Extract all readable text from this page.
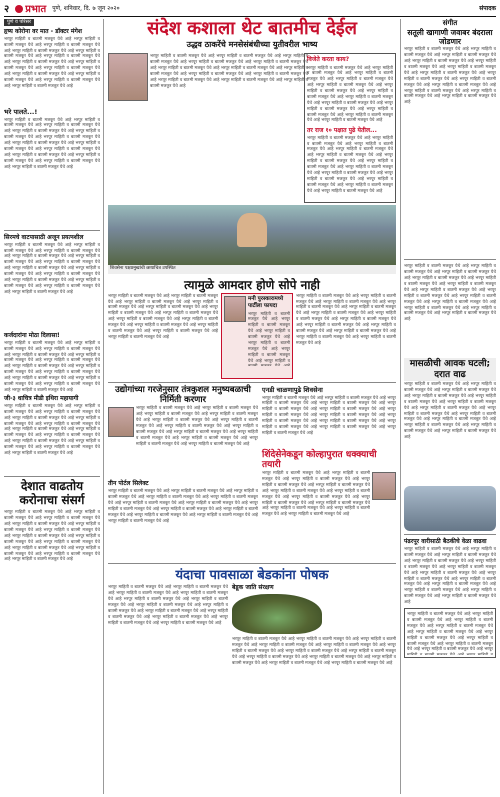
२	प्रभात पुणे, शनिवार, दि. ७ जून २०२०	संपादक
पुणे व परिसर
हृष्य कोरोना वर मात - डॉक्टर मंगेश
भरपूर माहिती व बातमी मजकूर येथे आहे भरपूर माहिती व बातमी मजकूर येथे आहे भरपूर माहिती व बातमी मजकूर येथे आहे भरपूर माहिती व बातमी मजकूर येथे आहे भरपूर माहिती व बातमी मजकूर येथे आहे भरपूर माहिती व बातमी मजकूर येथे आहे भरपूर माहिती व बातमी मजकूर येथे आहे भरपूर माहिती व बातमी मजकूर येथे आहे भरपूर माहिती व बातमी मजकूर येथे आहे भरपूर माहिती व बातमी मजकूर येथे आहे भरपूर माहिती व बातमी मजकूर येथे आहे भरपूर माहिती व बातमी मजकूर येथे आहे भरपूर माहिती व बातमी मजकूर येथे आहे
भरे पालते...!
भरपूर माहिती व बातमी मजकूर येथे आहे भरपूर माहिती व बातमी मजकूर येथे आहे भरपूर माहिती व बातमी मजकूर येथे आहे भरपूर माहिती व बातमी मजकूर येथे आहे भरपूर माहिती व बातमी मजकूर येथे आहे भरपूर माहिती व बातमी मजकूर येथे आहे भरपूर माहिती व बातमी मजकूर येथे आहे भरपूर माहिती व बातमी मजकूर येथे आहे भरपूर माहिती व बातमी मजकूर येथे आहे भरपूर माहिती व बातमी मजकूर येथे आहे भरपूर माहिती व बातमी मजकूर येथे आहे भरपूर माहिती व बातमी मजकूर येथे आहे भरपूर माहिती व बातमी मजकूर येथे आहे
सिरमचे वाटपासाठी अजून प्रयत्नशील
भरपूर माहिती व बातमी मजकूर येथे आहे भरपूर माहिती व बातमी मजकूर येथे आहे भरपूर माहिती व बातमी मजकूर येथे आहे भरपूर माहिती व बातमी मजकूर येथे आहे भरपूर माहिती व बातमी मजकूर येथे आहे भरपूर माहिती व बातमी मजकूर येथे आहे भरपूर माहिती व बातमी मजकूर येथे आहे भरपूर माहिती व बातमी मजकूर येथे आहे भरपूर माहिती व बातमी मजकूर येथे आहे भरपूर माहिती व बातमी मजकूर येथे आहे भरपूर माहिती व बातमी मजकूर येथे आहे भरपूर माहिती व बातमी मजकूर येथे आहे भरपूर माहिती व बातमी मजकूर येथे आहे
कर्जदारांना मोठा दिलासा!
भरपूर माहिती व बातमी मजकूर येथे आहे भरपूर माहिती व बातमी मजकूर येथे आहे भरपूर माहिती व बातमी मजकूर येथे आहे भरपूर माहिती व बातमी मजकूर येथे आहे भरपूर माहिती व बातमी मजकूर येथे आहे भरपूर माहिती व बातमी मजकूर येथे आहे भरपूर माहिती व बातमी मजकूर येथे आहे भरपूर माहिती व बातमी मजकूर येथे आहे भरपूर माहिती व बातमी मजकूर येथे आहे भरपूर माहिती व बातमी मजकूर येथे आहे भरपूर माहिती व बातमी मजकूर येथे आहे भरपूर माहिती व बातमी मजकूर येथे आहे भरपूर माहिती व बातमी मजकूर येथे आहे
जी-३ धाचित्र मीडी इथिरा महायागी
भरपूर माहिती व बातमी मजकूर येथे आहे भरपूर माहिती व बातमी मजकूर येथे आहे भरपूर माहिती व बातमी मजकूर येथे आहे भरपूर माहिती व बातमी मजकूर येथे आहे भरपूर माहिती व बातमी मजकूर येथे आहे भरपूर माहिती व बातमी मजकूर येथे आहे भरपूर माहिती व बातमी मजकूर येथे आहे भरपूर माहिती व बातमी मजकूर येथे आहे भरपूर माहिती व बातमी मजकूर येथे आहे भरपूर माहिती व बातमी मजकूर येथे आहे भरपूर माहिती व बातमी मजकूर येथे आहे भरपूर माहिती व बातमी मजकूर येथे आहे भरपूर माहिती व बातमी मजकूर येथे आहे
देशात वाढतोय करोनाचा संसर्ग
भरपूर माहिती व बातमी मजकूर येथे आहे भरपूर माहिती व बातमी मजकूर येथे आहे भरपूर माहिती व बातमी मजकूर येथे आहे भरपूर माहिती व बातमी मजकूर येथे आहे भरपूर माहिती व बातमी मजकूर येथे आहे भरपूर माहिती व बातमी मजकूर येथे आहे भरपूर माहिती व बातमी मजकूर येथे आहे भरपूर माहिती व बातमी मजकूर येथे आहे भरपूर माहिती व बातमी मजकूर येथे आहे भरपूर माहिती व बातमी मजकूर येथे आहे भरपूर माहिती व बातमी मजकूर येथे आहे भरपूर माहिती व बातमी मजकूर येथे आहे भरपूर माहिती व बातमी मजकूर येथे आहे
संदेश कशाला थेट बातमीच देईल
उद्धव ठाकरेंचे मनसेसंबंधीच्या युतीवरील भाष्य
भरपूर माहिती व बातमी मजकूर येथे आहे भरपूर माहिती व बातमी मजकूर येथे आहे भरपूर माहिती व बातमी मजकूर येथे आहे भरपूर माहिती व बातमी मजकूर येथे आहे भरपूर माहिती व बातमी मजकूर येथे आहे भरपूर माहिती व बातमी मजकूर येथे आहे भरपूर माहिती व बातमी मजकूर येथे आहे भरपूर माहिती व बातमी मजकूर येथे आहे भरपूर माहिती व बातमी मजकूर येथे आहे भरपूर माहिती व बातमी मजकूर येथे आहे भरपूर माहिती व बातमी मजकूर येथे आहे भरपूर माहिती व बातमी मजकूर येथे आहे भरपूर माहिती व बातमी मजकूर येथे आहे
विजेते करता काय?
भरपूर माहिती व बातमी मजकूर येथे आहे भरपूर माहिती व बातमी मजकूर येथे आहे भरपूर माहिती व बातमी मजकूर येथे आहे भरपूर माहिती व बातमी मजकूर येथे आहे भरपूर माहिती व बातमी मजकूर येथे आहे भरपूर माहिती व बातमी मजकूर येथे आहे भरपूर माहिती व बातमी मजकूर येथे आहे भरपूर माहिती व बातमी मजकूर येथे आहे भरपूर माहिती व बातमी मजकूर येथे आहे भरपूर माहिती व बातमी मजकूर येथे आहे भरपूर माहिती व बातमी मजकूर येथे आहे भरपूर माहिती व बातमी मजकूर येथे आहे भरपूर माहिती व बातमी मजकूर येथे आहे
तर राज १० पक्षात पुढे येतील...
भरपूर माहिती व बातमी मजकूर येथे आहे भरपूर माहिती व बातमी मजकूर येथे आहे भरपूर माहिती व बातमी मजकूर येथे आहे भरपूर माहिती व बातमी मजकूर येथे आहे भरपूर माहिती व बातमी मजकूर येथे आहे भरपूर माहिती व बातमी मजकूर येथे आहे भरपूर माहिती व बातमी मजकूर येथे आहे भरपूर माहिती व बातमी मजकूर येथे आहे भरपूर माहिती व बातमी मजकूर येथे आहे भरपूर माहिती व बातमी मजकूर येथे आहे भरपूर माहिती व बातमी मजकूर येथे आहे भरपूर माहिती व बातमी मजकूर येथे आहे भरपूर माहिती व बातमी मजकूर येथे आहे
शिवसेना पक्षप्रमुखांची छायाचित्र उपस्थित
त्यामुळे आमदार होणे सोपे नाही
भरपूर माहिती व बातमी मजकूर येथे आहे भरपूर माहिती व बातमी मजकूर येथे आहे भरपूर माहिती व बातमी मजकूर येथे आहे भरपूर माहिती व बातमी मजकूर येथे आहे भरपूर माहिती व बातमी मजकूर येथे आहे भरपूर माहिती व बातमी मजकूर येथे आहे भरपूर माहिती व बातमी मजकूर येथे आहे भरपूर माहिती व बातमी मजकूर येथे आहे भरपूर माहिती व बातमी मजकूर येथे आहे भरपूर माहिती व बातमी मजकूर येथे आहे भरपूर माहिती व बातमी मजकूर येथे आहे भरपूर माहिती व बातमी मजकूर येथे आहे भरपूर माहिती व बातमी मजकूर येथे आहे
मनी पुरस्कारामध्ये पार्टीला फायदा
भरपूर माहिती व बातमी मजकूर येथे आहे भरपूर माहिती व बातमी मजकूर येथे आहे भरपूर माहिती व बातमी मजकूर येथे आहे भरपूर माहिती व बातमी मजकूर येथे आहे भरपूर माहिती व बातमी मजकूर येथे आहे भरपूर माहिती व बातमी मजकूर येथे आहे भरपूर माहिती व बातमी मजकूर येथे आहे भरपूर माहिती व बातमी मजकूर येथे आहे भरपूर माहिती व बातमी मजकूर येथे आहे भरपूर माहिती व बातमी मजकूर येथे आहे भरपूर माहिती व बातमी मजकूर येथे आहे भरपूर माहिती व बातमी मजकूर येथे आहे भरपूर माहिती व बातमी मजकूर येथे आहे
भरपूर माहिती व बातमी मजकूर येथे आहे भरपूर माहिती व बातमी मजकूर येथे आहे भरपूर माहिती व बातमी मजकूर येथे आहे भरपूर माहिती व बातमी मजकूर येथे आहे भरपूर माहिती व बातमी मजकूर येथे आहे भरपूर माहिती व बातमी मजकूर येथे आहे भरपूर माहिती व बातमी मजकूर येथे आहे भरपूर माहिती व बातमी मजकूर येथे आहे भरपूर माहिती व बातमी मजकूर येथे आहे भरपूर माहिती व बातमी मजकूर येथे आहे भरपूर माहिती व बातमी मजकूर येथे आहे भरपूर माहिती व बातमी मजकूर येथे आहे भरपूर माहिती व बातमी मजकूर येथे आहे
उद्योगांच्या गरजेनुसार तंत्रकुशल मनुष्यबळाची निर्मिती करणार
भरपूर माहिती व बातमी मजकूर येथे आहे भरपूर माहिती व बातमी मजकूर येथे आहे भरपूर माहिती व बातमी मजकूर येथे आहे भरपूर माहिती व बातमी मजकूर येथे आहे भरपूर माहिती व बातमी मजकूर येथे आहे भरपूर माहिती व बातमी मजकूर येथे आहे भरपूर माहिती व बातमी मजकूर येथे आहे भरपूर माहिती व बातमी मजकूर येथे आहे भरपूर माहिती व बातमी मजकूर येथे आहे भरपूर माहिती व बातमी मजकूर येथे आहे भरपूर माहिती व बातमी मजकूर येथे आहे भरपूर माहिती व बातमी मजकूर येथे आहे भरपूर माहिती व बातमी मजकूर येथे आहे
तीन पोर्टल सिलेक्ट
भरपूर माहिती व बातमी मजकूर येथे आहे भरपूर माहिती व बातमी मजकूर येथे आहे भरपूर माहिती व बातमी मजकूर येथे आहे भरपूर माहिती व बातमी मजकूर येथे आहे भरपूर माहिती व बातमी मजकूर येथे आहे भरपूर माहिती व बातमी मजकूर येथे आहे भरपूर माहिती व बातमी मजकूर येथे आहे भरपूर माहिती व बातमी मजकूर येथे आहे भरपूर माहिती व बातमी मजकूर येथे आहे भरपूर माहिती व बातमी मजकूर येथे आहे भरपूर माहिती व बातमी मजकूर येथे आहे भरपूर माहिती व बातमी मजकूर येथे आहे भरपूर माहिती व बातमी मजकूर येथे आहे
एनडी चाळणापुढे शिवसेना
भरपूर माहिती व बातमी मजकूर येथे आहे भरपूर माहिती व बातमी मजकूर येथे आहे भरपूर माहिती व बातमी मजकूर येथे आहे भरपूर माहिती व बातमी मजकूर येथे आहे भरपूर माहिती व बातमी मजकूर येथे आहे भरपूर माहिती व बातमी मजकूर येथे आहे भरपूर माहिती व बातमी मजकूर येथे आहे भरपूर माहिती व बातमी मजकूर येथे आहे भरपूर माहिती व बातमी मजकूर येथे आहे भरपूर माहिती व बातमी मजकूर येथे आहे भरपूर माहिती व बातमी मजकूर येथे आहे भरपूर माहिती व बातमी मजकूर येथे आहे भरपूर माहिती व बातमी मजकूर येथे आहे
शिंदेसेनेकडून कोल्हापुरात धक्क्याची तयारी
भरपूर माहिती व बातमी मजकूर येथे आहे भरपूर माहिती व बातमी मजकूर येथे आहे भरपूर माहिती व बातमी मजकूर येथे आहे भरपूर माहिती व बातमी मजकूर येथे आहे भरपूर माहिती व बातमी मजकूर येथे आहे भरपूर माहिती व बातमी मजकूर येथे आहे भरपूर माहिती व बातमी मजकूर येथे आहे भरपूर माहिती व बातमी मजकूर येथे आहे भरपूर माहिती व बातमी मजकूर येथे आहे भरपूर माहिती व बातमी मजकूर येथे आहे भरपूर माहिती व बातमी मजकूर येथे आहे भरपूर माहिती व बातमी मजकूर येथे आहे भरपूर माहिती व बातमी मजकूर येथे आहे
यंदाचा पावसाळा बेडकांना पोषक
भरपूर माहिती व बातमी मजकूर येथे आहे भरपूर माहिती व बातमी मजकूर येथे आहे भरपूर माहिती व बातमी मजकूर येथे आहे भरपूर माहिती व बातमी मजकूर येथे आहे भरपूर माहिती व बातमी मजकूर येथे आहे भरपूर माहिती व बातमी मजकूर येथे आहे भरपूर माहिती व बातमी मजकूर येथे आहे भरपूर माहिती व बातमी मजकूर येथे आहे भरपूर माहिती व बातमी मजकूर येथे आहे भरपूर माहिती व बातमी मजकूर येथे आहे भरपूर माहिती व बातमी मजकूर येथे आहे भरपूर माहिती व बातमी मजकूर येथे आहे भरपूर माहिती व बातमी मजकूर येथे आहे
बेडूक जाति संरक्षण
भरपूर माहिती व बातमी मजकूर येथे आहे भरपूर माहिती व बातमी मजकूर येथे आहे भरपूर माहिती व बातमी मजकूर येथे आहे भरपूर माहिती व बातमी मजकूर येथे आहे भरपूर माहिती व बातमी मजकूर येथे आहे भरपूर माहिती व बातमी मजकूर येथे आहे भरपूर माहिती व बातमी मजकूर येथे आहे भरपूर माहिती व बातमी मजकूर येथे आहे भरपूर माहिती व बातमी मजकूर येथे आहे भरपूर माहिती व बातमी मजकूर येथे आहे भरपूर माहिती व बातमी मजकूर येथे आहे भरपूर माहिती व बातमी मजकूर येथे आहे भरपूर माहिती व बातमी मजकूर येथे आहे
संगीत
सतूली खागाणी जवाबर बंदराला जोडणार
भरपूर माहिती व बातमी मजकूर येथे आहे भरपूर माहिती व बातमी मजकूर येथे आहे भरपूर माहिती व बातमी मजकूर येथे आहे भरपूर माहिती व बातमी मजकूर येथे आहे भरपूर माहिती व बातमी मजकूर येथे आहे भरपूर माहिती व बातमी मजकूर येथे आहे भरपूर माहिती व बातमी मजकूर येथे आहे भरपूर माहिती व बातमी मजकूर येथे आहे भरपूर माहिती व बातमी मजकूर येथे आहे भरपूर माहिती व बातमी मजकूर येथे आहे भरपूर माहिती व बातमी मजकूर येथे आहे भरपूर माहिती व बातमी मजकूर येथे आहे भरपूर माहिती व बातमी मजकूर येथे आहे
भरपूर माहिती व बातमी मजकूर येथे आहे भरपूर माहिती व बातमी मजकूर येथे आहे भरपूर माहिती व बातमी मजकूर येथे आहे भरपूर माहिती व बातमी मजकूर येथे आहे भरपूर माहिती व बातमी मजकूर येथे आहे भरपूर माहिती व बातमी मजकूर येथे आहे भरपूर माहिती व बातमी मजकूर येथे आहे भरपूर माहिती व बातमी मजकूर येथे आहे भरपूर माहिती व बातमी मजकूर येथे आहे भरपूर माहिती व बातमी मजकूर येथे आहे भरपूर माहिती व बातमी मजकूर येथे आहे भरपूर माहिती व बातमी मजकूर येथे आहे भरपूर माहिती व बातमी मजकूर येथे आहे
मासळीची आवक घटली; दरात वाढ
भरपूर माहिती व बातमी मजकूर येथे आहे भरपूर माहिती व बातमी मजकूर येथे आहे भरपूर माहिती व बातमी मजकूर येथे आहे भरपूर माहिती व बातमी मजकूर येथे आहे भरपूर माहिती व बातमी मजकूर येथे आहे भरपूर माहिती व बातमी मजकूर येथे आहे भरपूर माहिती व बातमी मजकूर येथे आहे भरपूर माहिती व बातमी मजकूर येथे आहे भरपूर माहिती व बातमी मजकूर येथे आहे भरपूर माहिती व बातमी मजकूर येथे आहे भरपूर माहिती व बातमी मजकूर येथे आहे भरपूर माहिती व बातमी मजकूर येथे आहे भरपूर माहिती व बातमी मजकूर येथे आहे
पंढरपूर वारीसाठी बैठकीचे वेळा वाढवा
भरपूर माहिती व बातमी मजकूर येथे आहे भरपूर माहिती व बातमी मजकूर येथे आहे भरपूर माहिती व बातमी मजकूर येथे आहे भरपूर माहिती व बातमी मजकूर येथे आहे भरपूर माहिती व बातमी मजकूर येथे आहे भरपूर माहिती व बातमी मजकूर येथे आहे भरपूर माहिती व बातमी मजकूर येथे आहे भरपूर माहिती व बातमी मजकूर येथे आहे भरपूर माहिती व बातमी मजकूर येथे आहे भरपूर माहिती व बातमी मजकूर येथे आहे भरपूर माहिती व बातमी मजकूर येथे आहे भरपूर माहिती व बातमी मजकूर येथे आहे भरपूर माहिती व बातमी मजकूर येथे आहे
भरपूर माहिती व बातमी मजकूर येथे आहे भरपूर माहिती व बातमी मजकूर येथे आहे भरपूर माहिती व बातमी मजकूर येथे आहे भरपूर माहिती व बातमी मजकूर येथे आहे भरपूर माहिती व बातमी मजकूर येथे आहे भरपूर माहिती व बातमी मजकूर येथे आहे भरपूर माहिती व बातमी मजकूर येथे आहे भरपूर माहिती व बातमी मजकूर येथे आहे भरपूर माहिती व बातमी मजकूर येथे आहे भरपूर माहिती व बातमी मजकूर येथे आहे भरपूर माहिती व बातमी मजकूर येथे आहे भरपूर माहिती व बातमी मजकूर येथे आहे भरपूर माहिती व बातमी मजकूर येथे आहे
